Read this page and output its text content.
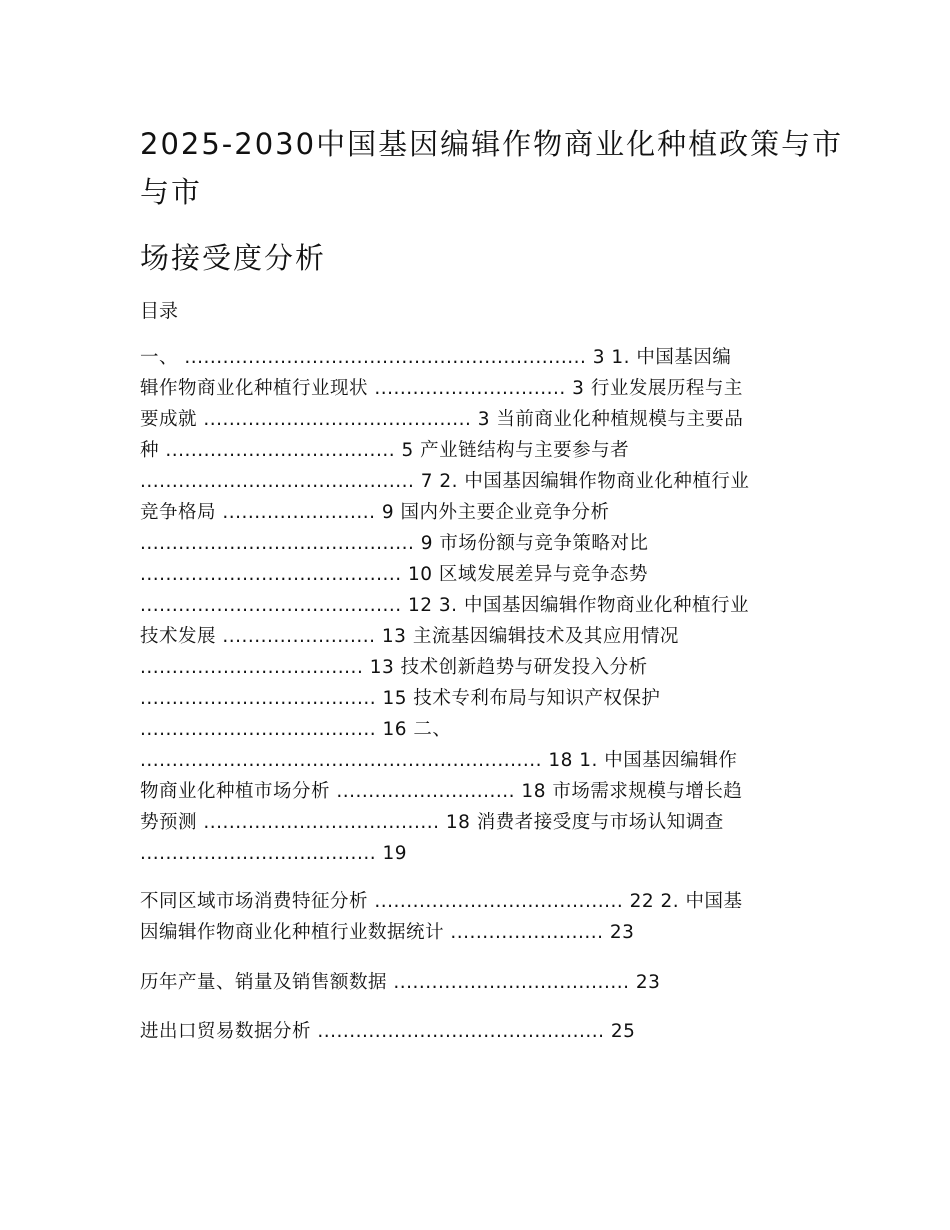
2025-2030中国基因编辑作物商业化种植政策与市
与市
场接受度分析

目录

一、 ............................................................... 3 1. 中国基因编
辑作物商业化种植行业现状 .............................. 3 行业发展历程与主
要成就 .......................................... 3 当前商业化种植规模与主要品
种 .................................... 5 产业链结构与主要参与者
........................................... 7 2. 中国基因编辑作物商业化种植行业
竞争格局 ........................ 9 国内外主要企业竞争分析
........................................... 9 市场份额与竞争策略对比
......................................... 10 区域发展差异与竞争态势
......................................... 12 3. 中国基因编辑作物商业化种植行业
技术发展 ........................ 13 主流基因编辑技术及其应用情况
................................... 13 技术创新趋势与研发投入分析
..................................... 15 技术专利布局与知识产权保护
..................................... 16 二、
............................................................... 18 1. 中国基因编辑作
物商业化种植市场分析 ............................ 18 市场需求规模与增长趋
势预测 ..................................... 18 消费者接受度与市场认知调查
..................................... 19
不同区域市场消费特征分析 ....................................... 22 2. 中国基
因编辑作物商业化种植行业数据统计 ........................ 23
历年产量、销量及销售额数据 ..................................... 23
进出口贸易数据分析 ............................................. 25
